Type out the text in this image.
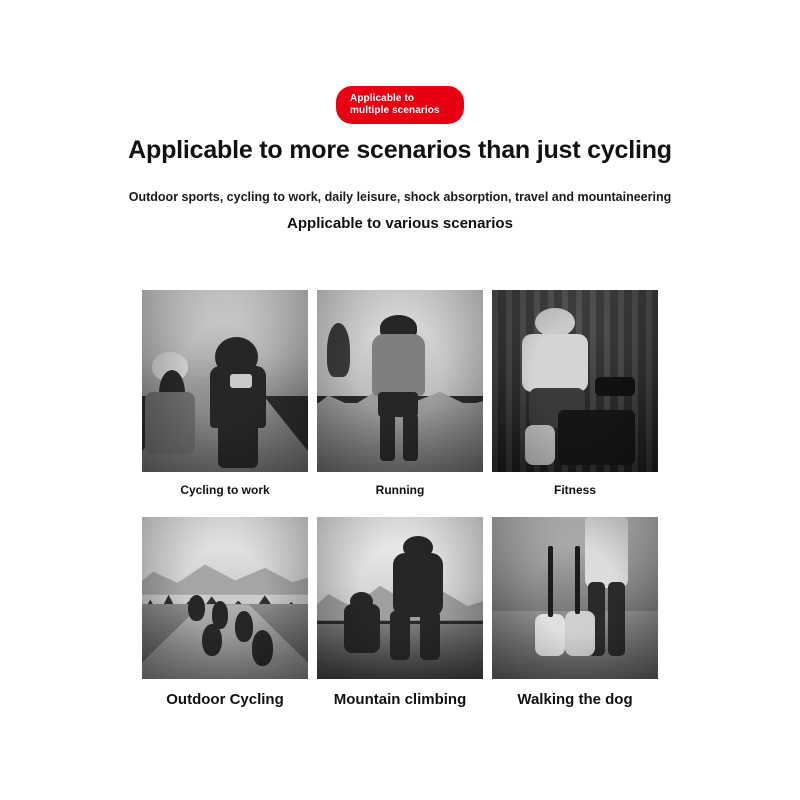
Applicable to multiple scenarios
Applicable to more scenarios than just cycling
Outdoor sports, cycling to work, daily leisure, shock absorption, travel and mountaineering
Applicable to various scenarios
Cycling to work	Running	Fitness
Outdoor Cycling	Mountain climbing	Walking the dog
